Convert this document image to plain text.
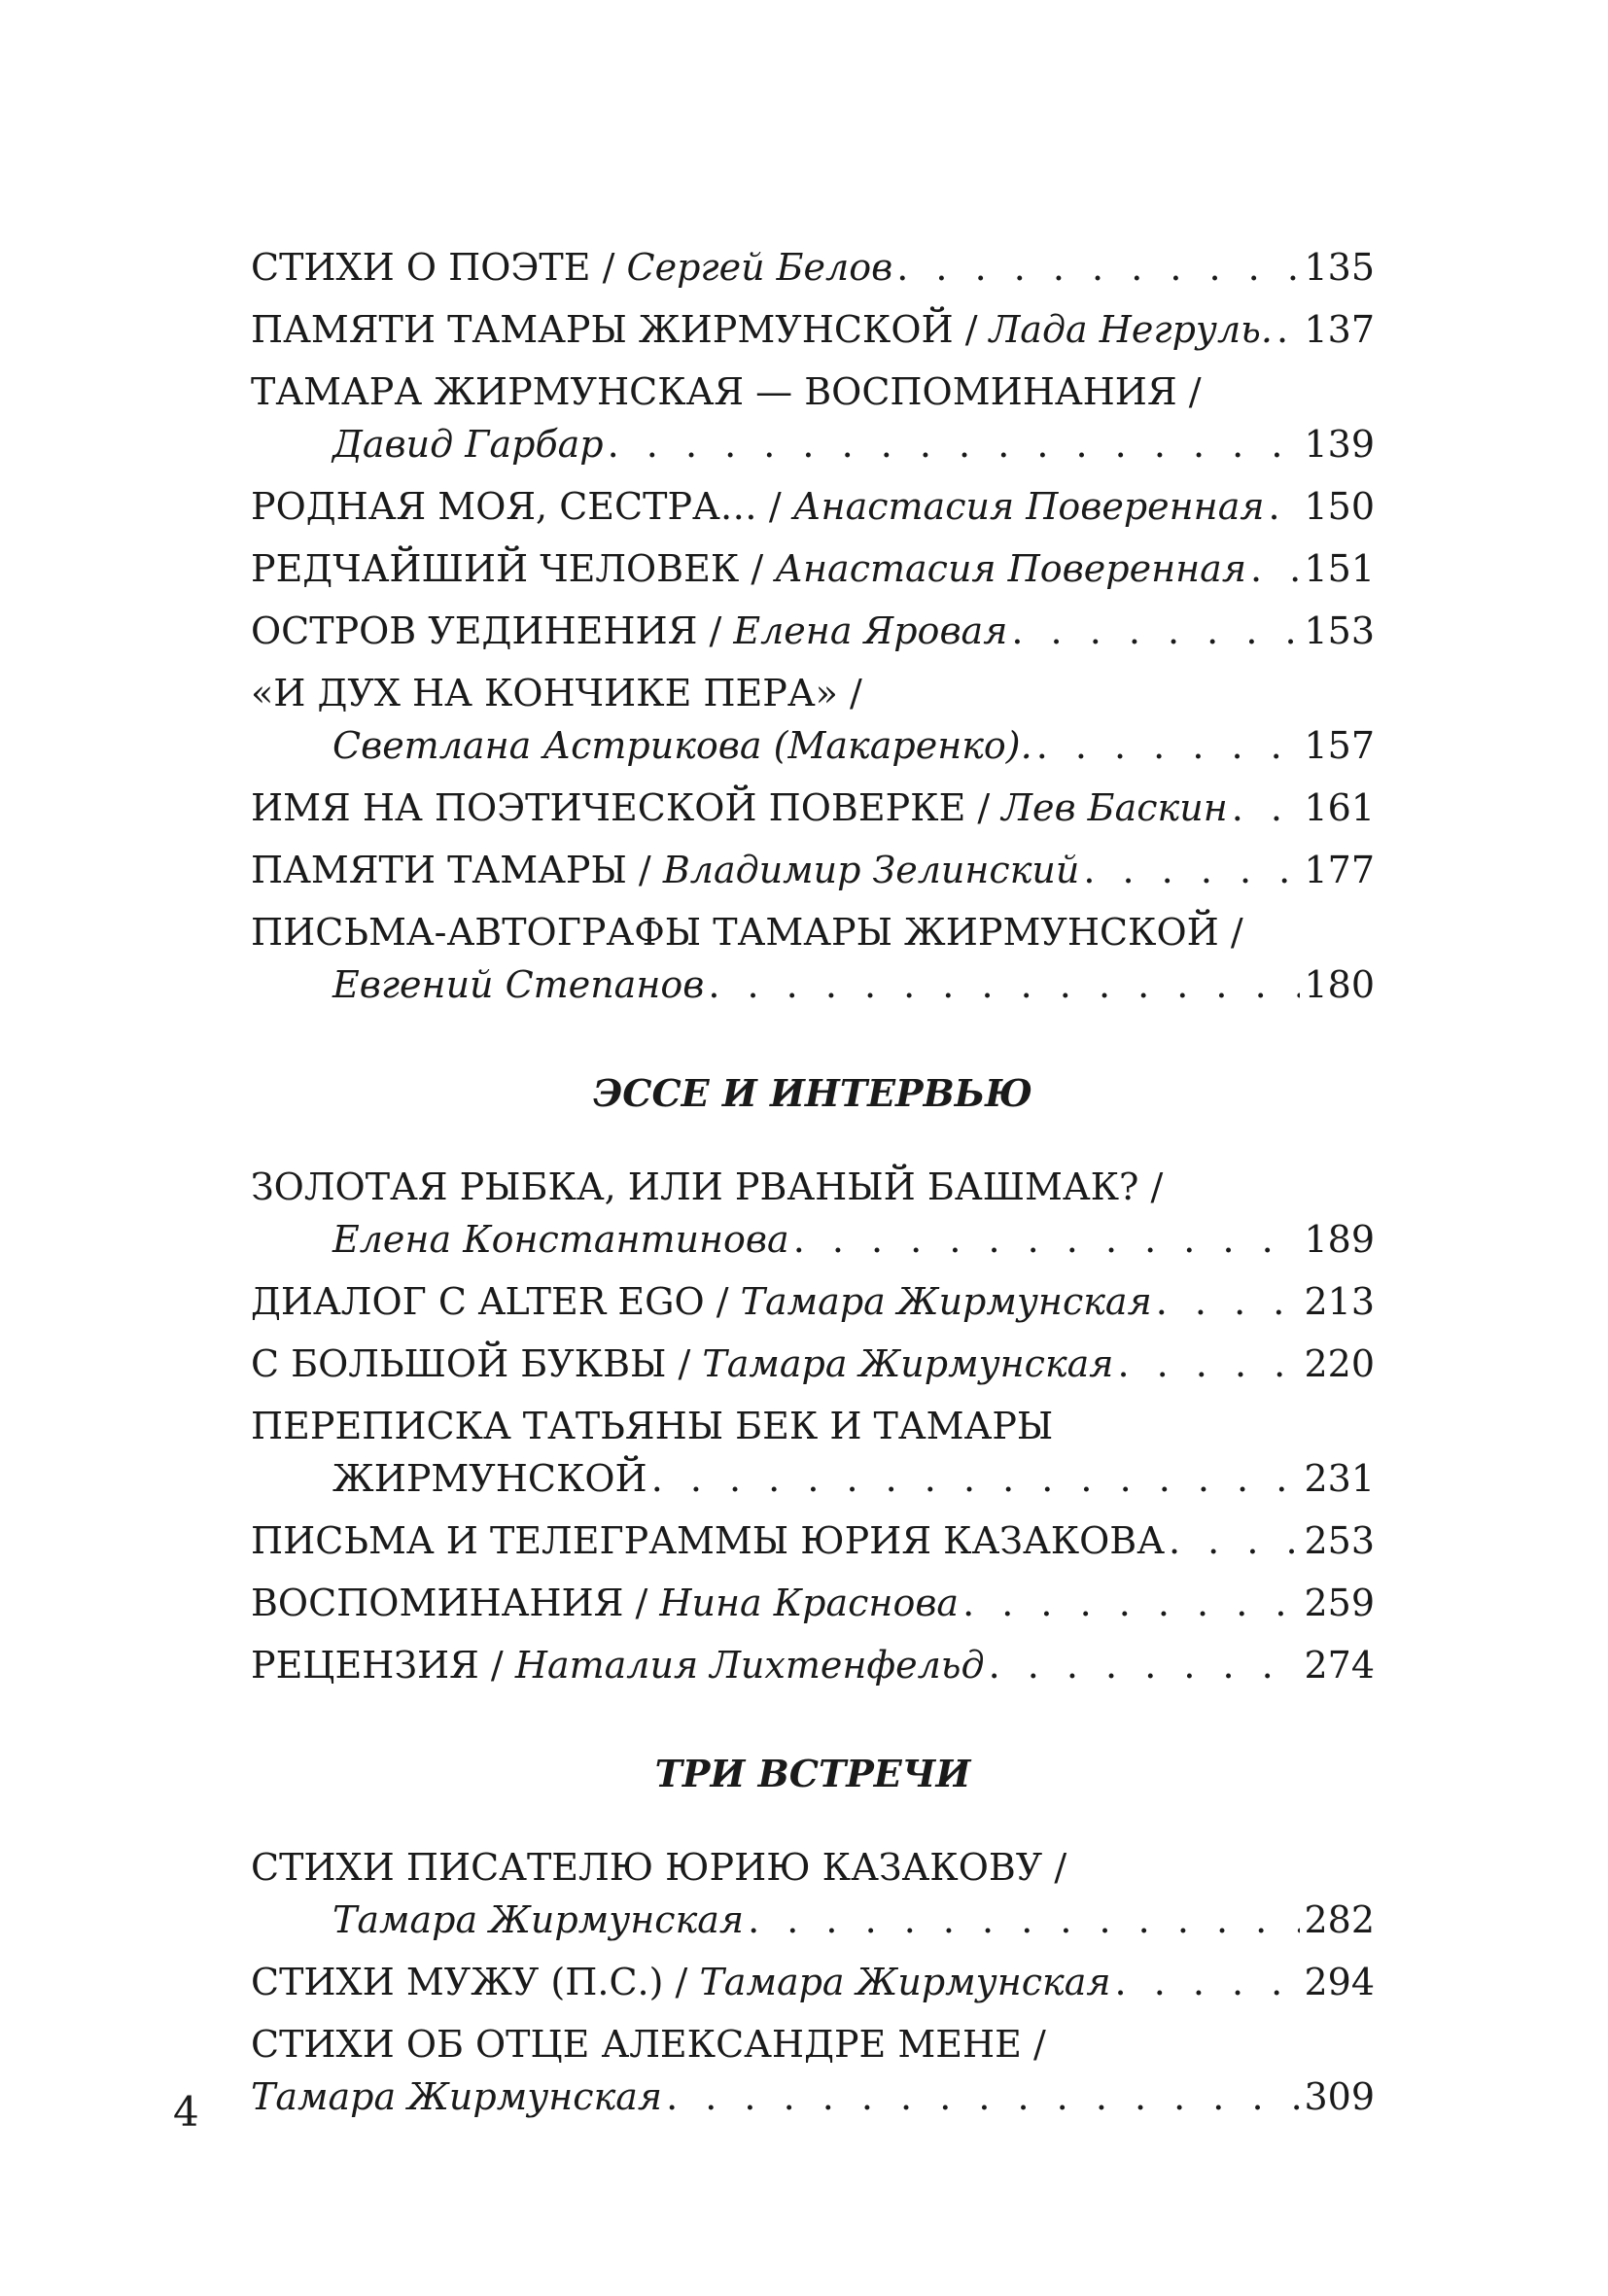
СТИХИ О ПОЭТЕ / Сергей Белов . . .	135
ПАМЯТИ ТАМАРЫ ЖИРМУНСКОЙ / Лада Негруль. . . . 137
ТАМАРА ЖИРМУНСКАЯ — ВОСПОМИНАНИЯ /
Давид Гарбар . . .	139
РОДНАЯ МОЯ, СЕСТРА… / Анастасия Поверенная . . . 150
РЕДЧАЙШИЙ ЧЕЛОВЕК / Анастасия Поверенная . . . 151
ОСТРОВ УЕДИНЕНИЯ / Елена Яровая . . .	153
«И ДУХ НА КОНЧИКЕ ПЕРА» /
Светлана Астрикова (Макаренко). . . .	157
ИМЯ НА ПОЭТИЧЕСКОЙ ПОВЕРКЕ / Лев Баскин . . . 161
ПАМЯТИ ТАМАРЫ / Владимир Зелинский . . .	177
ПИСЬМА-АВТОГРАФЫ ТАМАРЫ ЖИРМУНСКОЙ /
Евгений Степанов . . .	180
ЭССЕ И ИНТЕРВЬЮ
ЗОЛОТАЯ РЫБКА, ИЛИ РВАНЫЙ БАШМАК? /
Елена Константинова . . .	189
ДИАЛОГ С ALTER EGO / Тамара Жирмунская . . .	213
С БОЛЬШОЙ БУКВЫ / Тамара Жирмунская . . .	220
ПЕРЕПИСКА ТАТЬЯНЫ БЕК И ТАМАРЫ
ЖИРМУНСКОЙ . . .	231
ПИСЬМА И ТЕЛЕГРАММЫ ЮРИЯ КАЗАКОВА . . .	253
ВОСПОМИНАНИЯ / Нина Краснова . . .	259
РЕЦЕНЗИЯ / Наталия Лихтенфельд . . .	274
ТРИ ВСТРЕЧИ
СТИХИ ПИСАТЕЛЮ ЮРИЮ КАЗАКОВУ /
Тамара Жирмунская . . .	282
СТИХИ МУЖУ (П.С.) / Тамара Жирмунская . . .	294
СТИХИ ОБ ОТЦЕ АЛЕКСАНДРЕ МЕНЕ /
Тамара Жирмунская . . .	309
4
